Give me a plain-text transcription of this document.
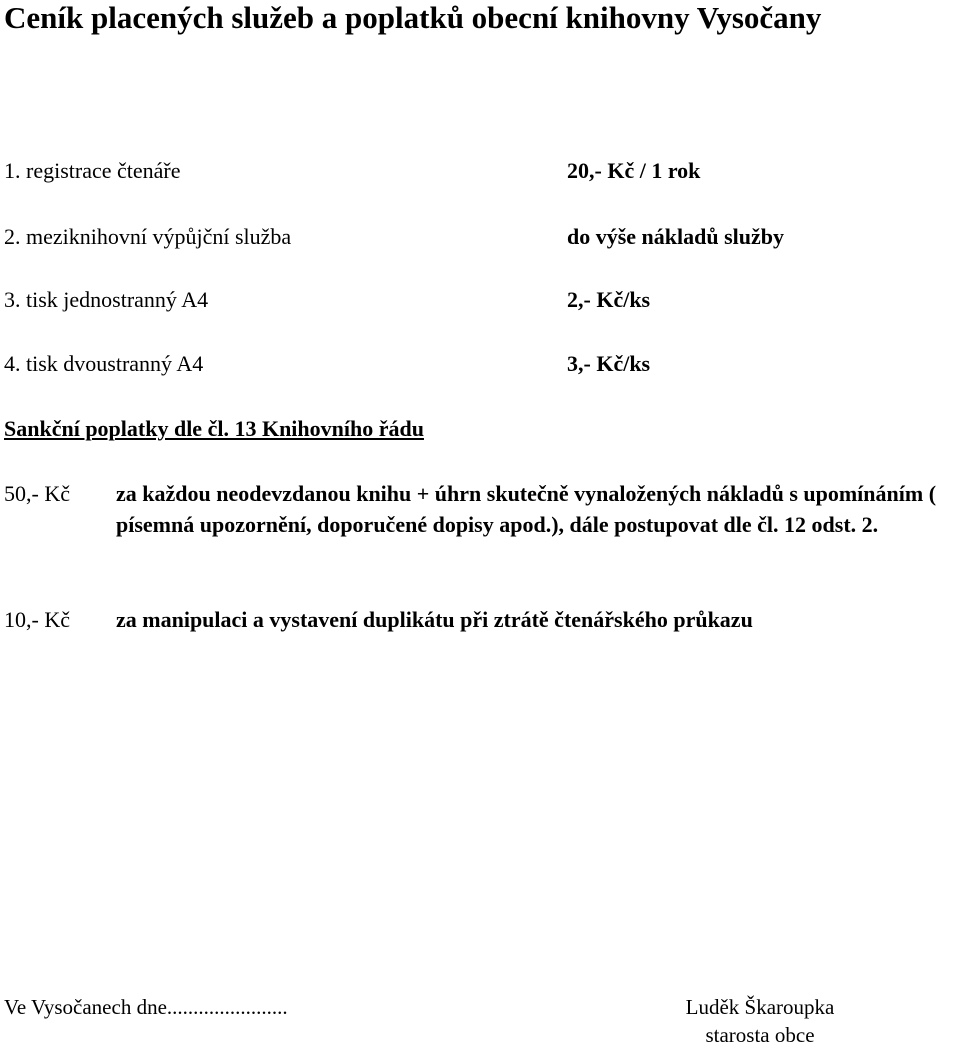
Ceník placených služeb a poplatků obecní knihovny Vysočany
1. registrace čtenáře	20,- Kč / 1 rok
2. meziknihovní výpůjční služba	do výše nákladů služby
3. tisk jednostranný A4	2,- Kč/ks
4. tisk dvoustranný A4	3,- Kč/ks
Sankční poplatky dle čl. 13 Knihovního řádu
50,- Kč za každou neodevzdanou knihu + úhrn skutečně vynaložených nákladů s upomínáním ( písemná upozornění, doporučené dopisy apod.), dále postupovat dle čl. 12 odst. 2.
10,- Kč za manipulaci a vystavení duplikátu při ztrátě čtenářského průkazu
Ve Vysočanech dne.......................	Luděk Škaroupka
starosta obce
